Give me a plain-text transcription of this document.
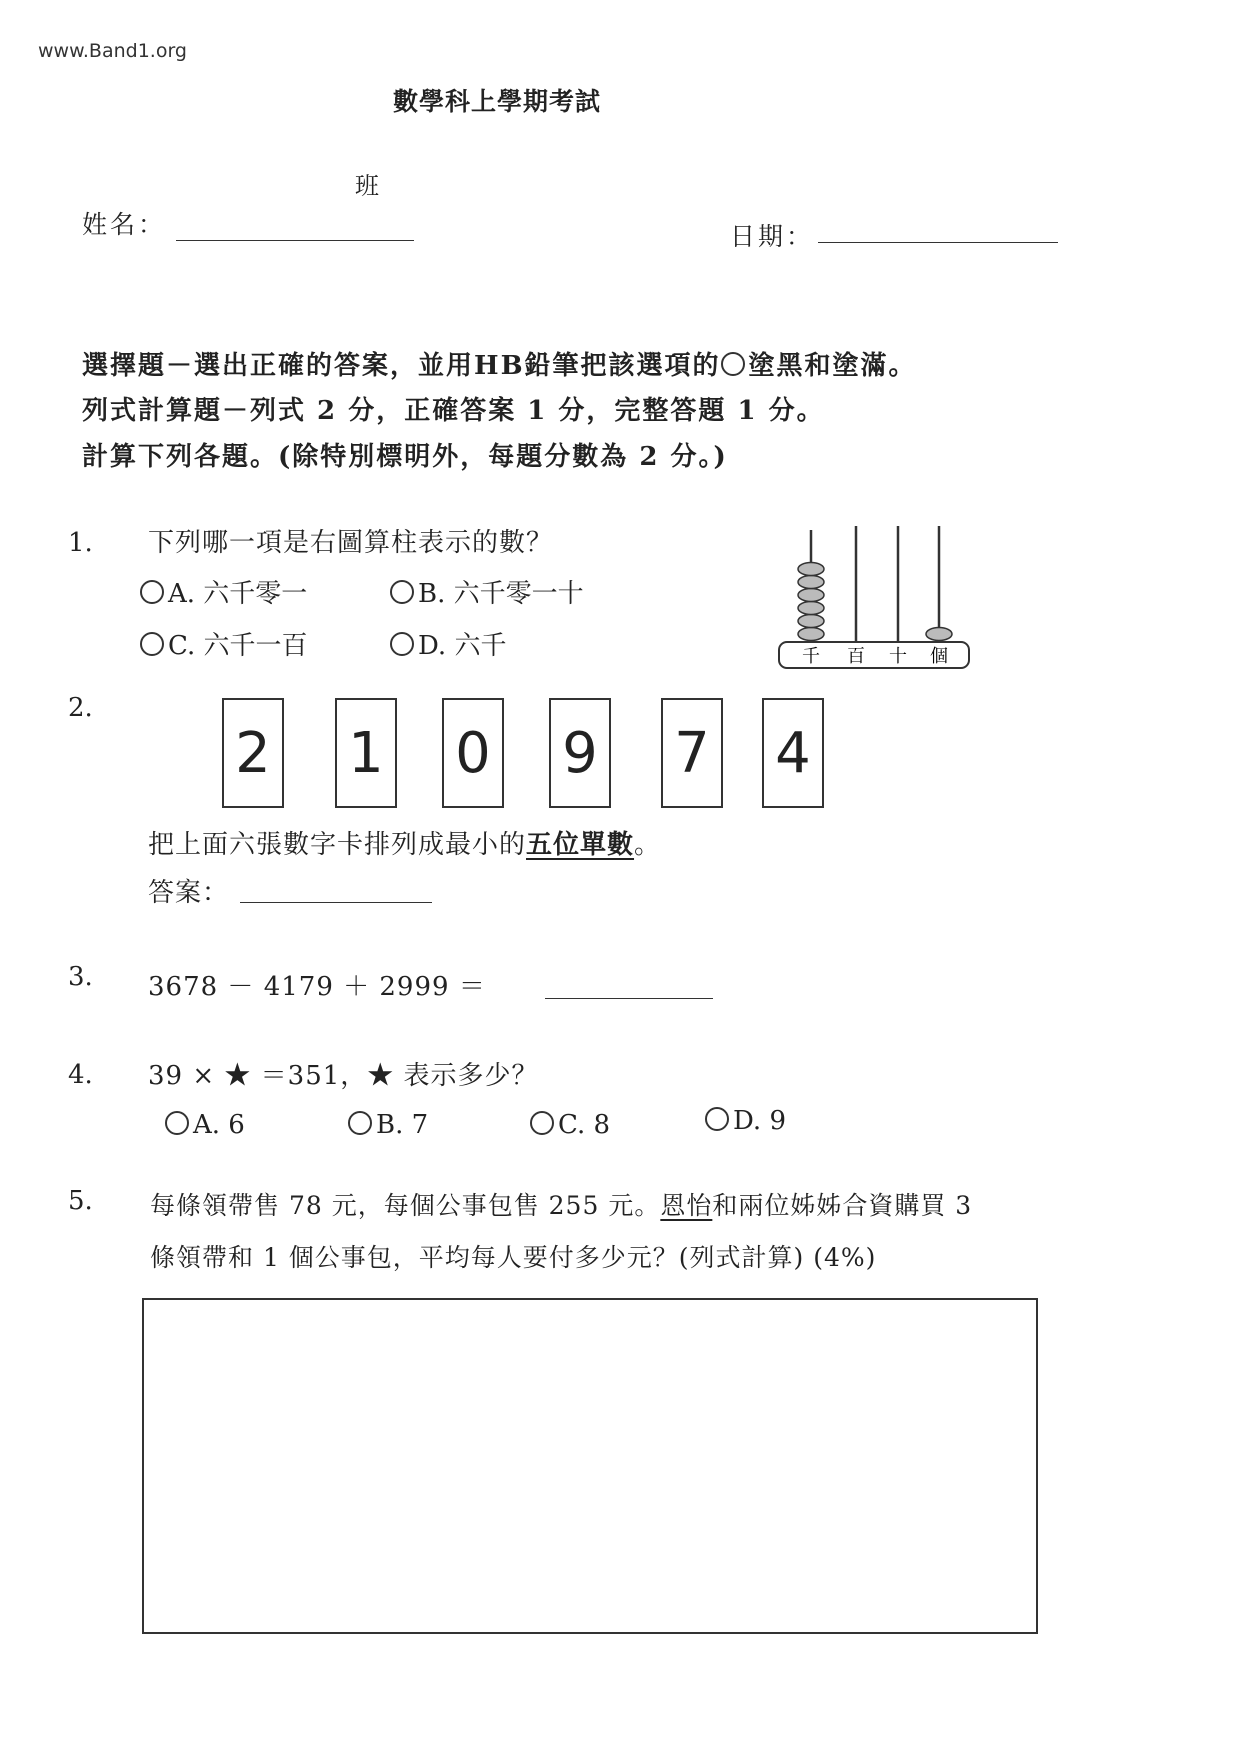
www.Band1.org
數學科上學期考試
班
姓名：	日期：
選擇題－選出正確的答案，並用HB鉛筆把該選項的 塗黑和塗滿。
列式計算題－列式 2 分，正確答案 1 分，完整答題 1 分。
計算下列各題。(除特別標明外，每題分數為 2 分。)
1. 下列哪一項是右圖算柱表示的數？
A. 六千零一	B. 六千零一十
C. 六千一百	D. 六千	千 百 十 個
2.
2 1 0 9 7 4
把上面六張數字卡排列成最小的五位單數。
答案：
3. 3678 － 4179 ＋ 2999 ＝
4. 39 × ★ ＝351，★ 表示多少？
A. 6	B. 7	C. 8	D. 9
5. 每條領帶售 78 元，每個公事包售 255 元。恩怡和兩位姊姊合資購買 3
條領帶和 1 個公事包，平均每人要付多少元？(列式計算) (4%)
